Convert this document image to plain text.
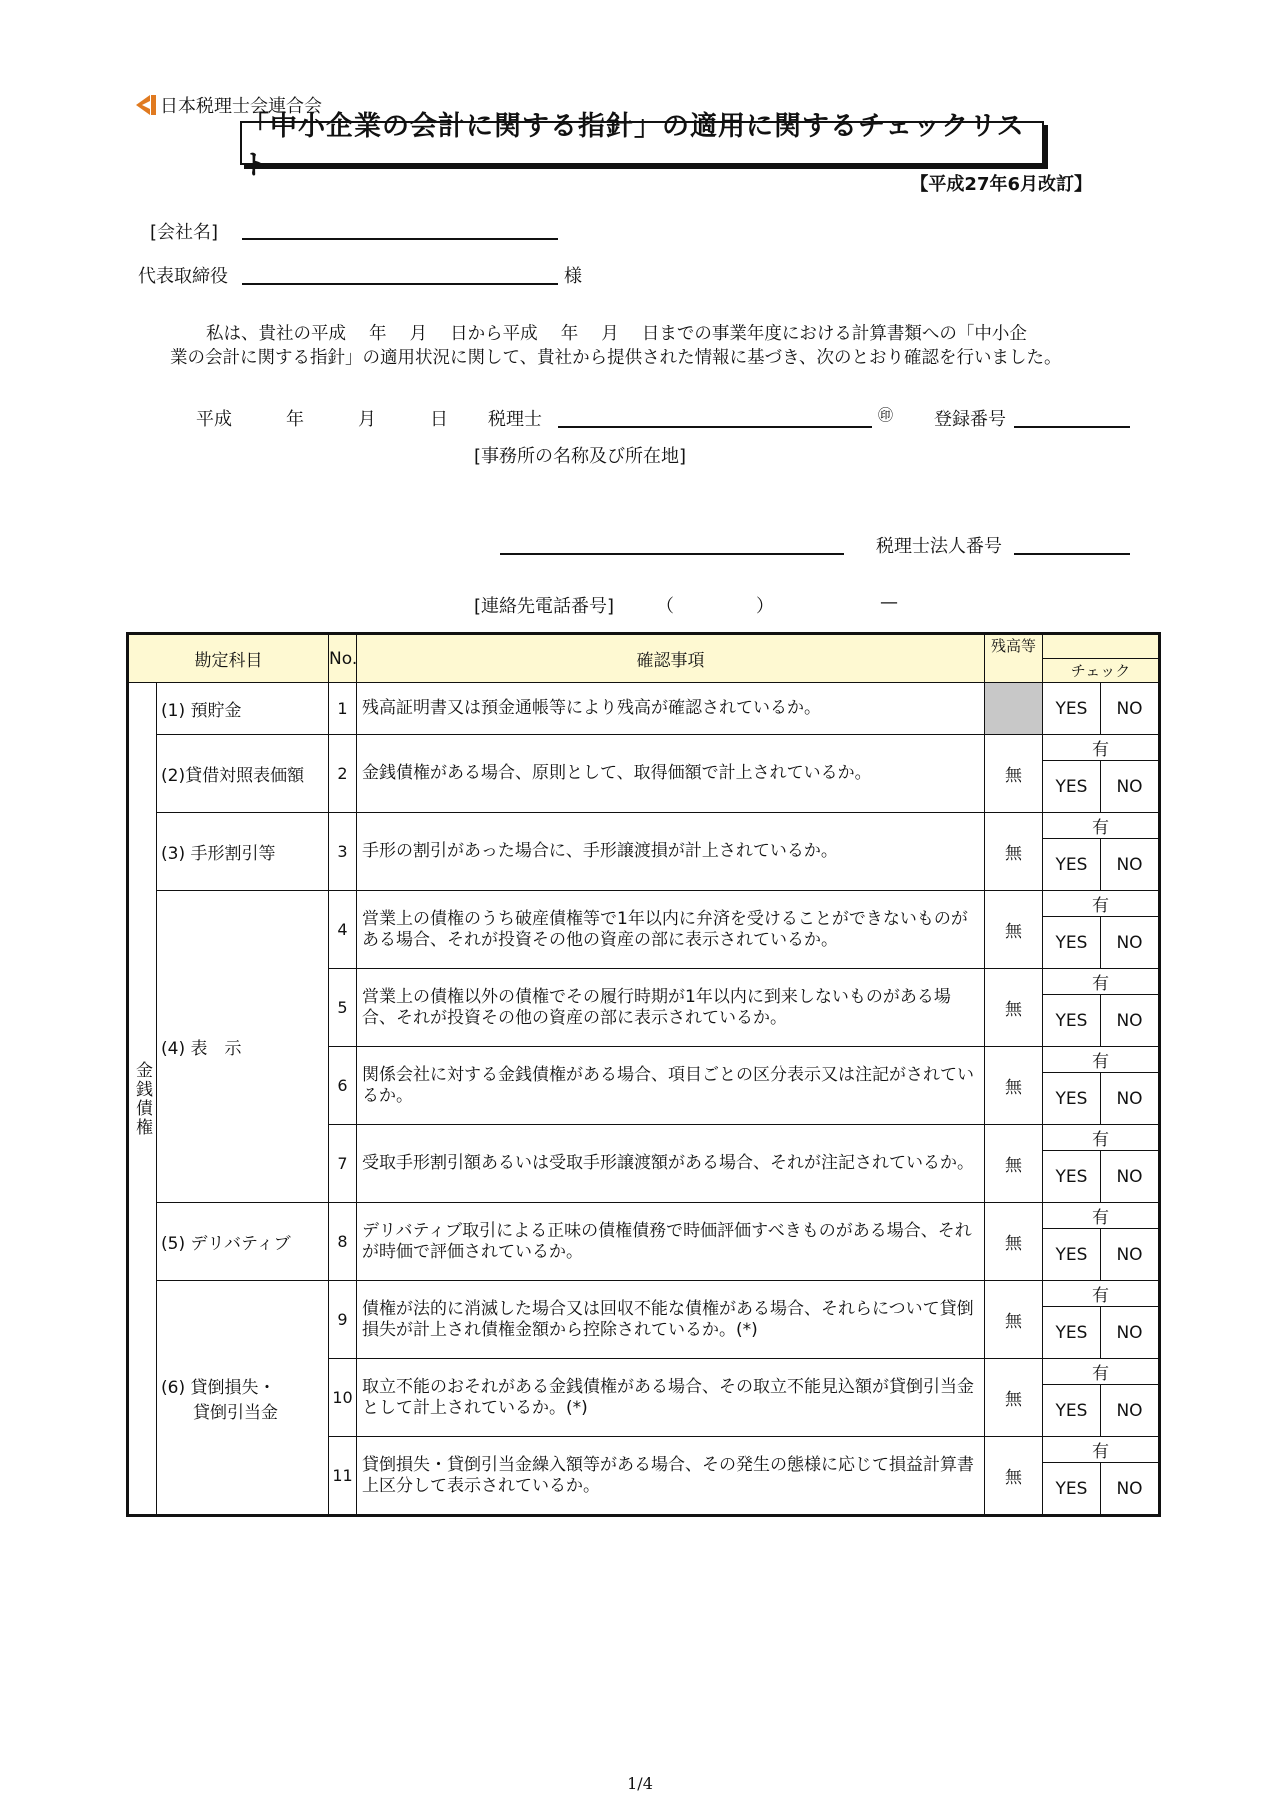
日本税理士会連合会
「中小企業の会計に関する指針」の適用に関するチェックリスト
【平成27年6月改訂】
[会社名]
代表取締役	様
私は、貴社の平成　 年　 月　 日から平成　 年　 月　 日までの事業年度における計算書類への「中小企
業の会計に関する指針」の適用状況に関して、貴社から提供された情報に基づき、次のとおり確認を行いました。
平成　　　年　　　月　　　日 税理士	㊞ 登録番号
[事務所の名称及び所在地]
税理士法人番号
[連絡先電話番号] （	）	—
勘定科目		No.	確認事項	残高等		
					チェック	

金銭債権	(1) 預貯金	1	残高証明書又は預金通帳等により残高が確認されているか。		YES	NO
	(2)貸借対照表価額	2	金銭債権がある場合、原則として、取得価額で計上されているか。	無	有	
					YES	NO
	(3) 手形割引等	3	手形の割引があった場合に、手形譲渡損が計上されているか。	無	有	
					YES	NO
	(4) 表　示	4	営業上の債権のうち破産債権等で1年以内に弁済を受けることができないものがある場合、それが投資その他の資産の部に表示されているか。	無	有	
					YES	NO
		5	営業上の債権以外の債権でその履行時期が1年以内に到来しないものがある場合、それが投資その他の資産の部に表示されているか。	無	有	
					YES	NO
		6	関係会社に対する金銭債権がある場合、項目ごとの区分表示又は注記がされているか。	無	有	
					YES	NO
		7	受取手形割引額あるいは受取手形譲渡額がある場合、それが注記されているか。	無	有	
					YES	NO
	(5) デリバティブ	8	デリバティブ取引による正味の債権債務で時価評価すべきものがある場合、それが時価で評価されているか。	無	有	
					YES	NO

	(6) 貸倒損失・
貸倒引当金	9	債権が法的に消滅した場合又は回収不能な債権がある場合、それらについて貸倒損失が計上され債権金額から控除されているか。(*)	無	有	
					YES	NO
		10	取立不能のおそれがある金銭債権がある場合、その取立不能見込額が貸倒引当金として計上されているか。(*)	無	有	
					YES	NO
		11	貸倒損失・貸倒引当金繰入額等がある場合、その発生の態様に応じて損益計算書上区分して表示されているか。	無	有	
					YES	NO
1/4
